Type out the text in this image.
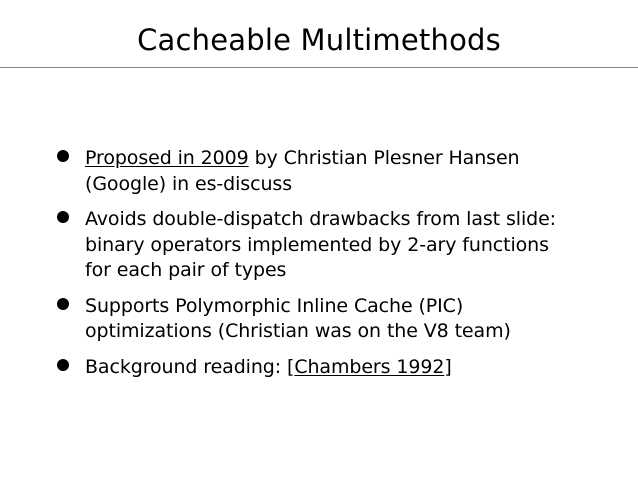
Cacheable Multimethods
Proposed in 2009 by Christian Plesner Hansen
(Google) in es-discuss
Avoids double-dispatch drawbacks from last slide:
binary operators implemented by 2-ary functions
for each pair of types
Supports Polymorphic Inline Cache (PIC)
optimizations (Christian was on the V8 team)
Background reading: [Chambers 1992]
